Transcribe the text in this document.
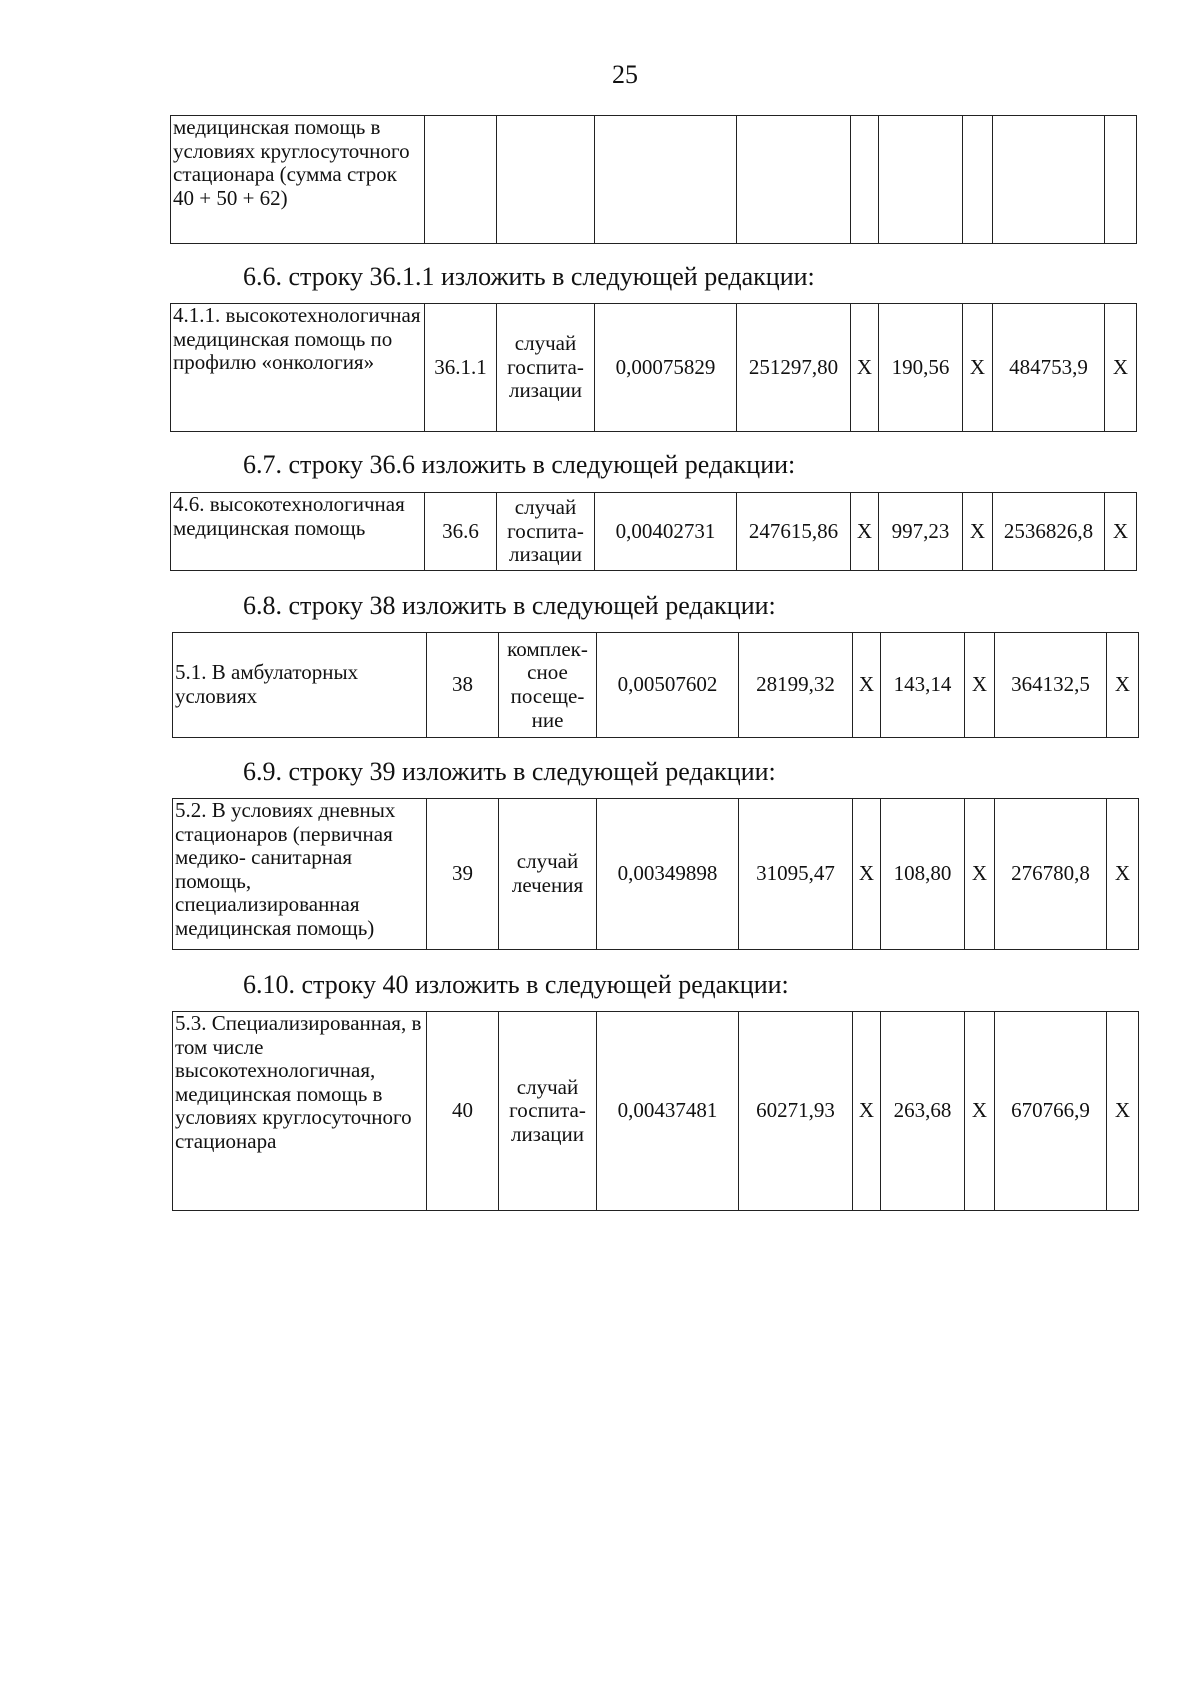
25
медицинская помощь в условиях круглосуточного стационара (сумма строк 40 + 50 + 62)									
6.6. строку 36.1.1 изложить в следующей редакции:
4.1.1. высокотехнологичная медицинская помощь по профилю «онкология»	36.1.1	случай госпита- лизации	0,00075829	251297,80	X	190,56	X	484753,9	X
6.7. строку 36.6 изложить в следующей редакции:
4.6. высокотехнологичная медицинская помощь	36.6	случай госпита- лизации	0,00402731	247615,86	X	997,23	X	2536826,8	X
6.8. строку 38 изложить в следующей редакции:
5.1. В амбулаторных условиях	38	комплек- сное посеще- ние	0,00507602	28199,32	X	143,14	X	364132,5	X
6.9. строку 39 изложить в следующей редакции:
5.2. В условиях дневных стационаров (первичная медико- санитарная помощь, специализированная медицинская помощь)	39	случай лечения	0,00349898	31095,47	X	108,80	X	276780,8	X
6.10. строку 40 изложить в следующей редакции:
5.3. Специализированная, в том числе высокотехнологичная, медицинская помощь в условиях круглосуточного стационара	40	случай госпита- лизации	0,00437481	60271,93	X	263,68	X	670766,9	X
